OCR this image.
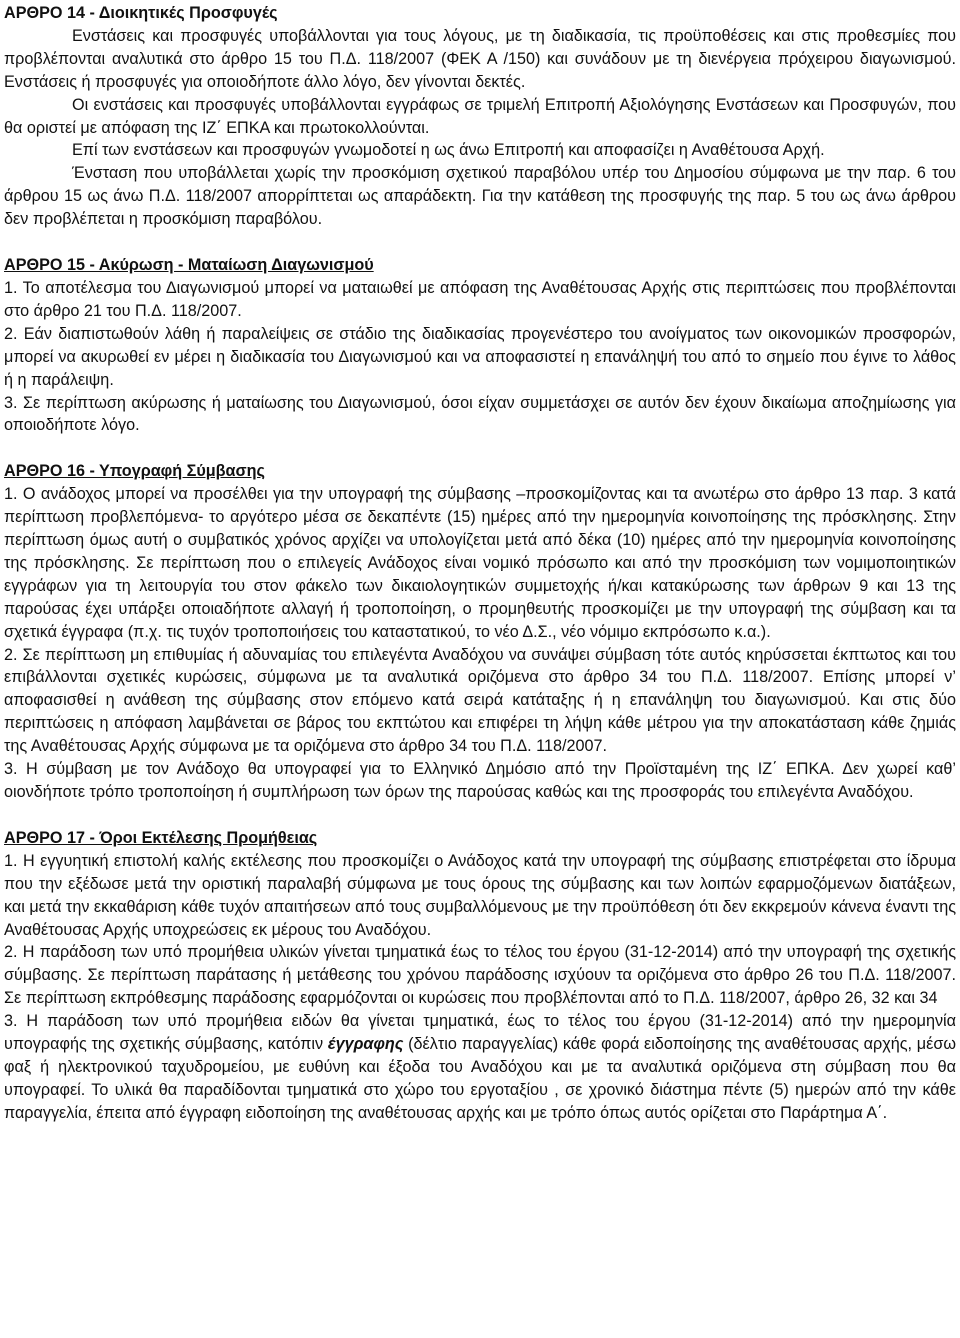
ΑΡΘΡΟ 14 - Διοικητικές Προσφυγές

Ενστάσεις και προσφυγές υποβάλλονται για τους λόγους, με τη διαδικασία, τις προϋποθέσεις και στις προθεσμίες που προβλέπονται αναλυτικά στο άρθρο 15 του Π.Δ. 118/2007 (ΦΕΚ Α /150) και συνάδουν με τη διενέργεια πρόχειρου διαγωνισμού. Ενστάσεις ή προσφυγές για οποιοδήποτε άλλο λόγο, δεν γίνονται δεκτές.

Οι ενστάσεις και προσφυγές υποβάλλονται εγγράφως σε τριμελή Επιτροπή Αξιολόγησης Ενστάσεων και Προσφυγών, που θα οριστεί με απόφαση της ΙΖ΄ ΕΠΚΑ και πρωτοκολλούνται.

Επί των ενστάσεων και προσφυγών γνωμοδοτεί η ως άνω Επιτροπή και αποφασίζει η Αναθέτουσα Αρχή.

Ένσταση που υποβάλλεται χωρίς την προσκόμιση σχετικού παραβόλου υπέρ του Δημοσίου σύμφωνα με την παρ. 6 του άρθρου 15 ως άνω Π.Δ. 118/2007 απορρίπτεται ως απαράδεκτη. Για την κατάθεση της προσφυγής της παρ. 5 του ως άνω άρθρου δεν προβλέπεται η προσκόμιση παραβόλου.

ΑΡΘΡΟ 15 - Ακύρωση - Ματαίωση Διαγωνισμού

1. Το αποτέλεσμα του Διαγωνισμού μπορεί να ματαιωθεί με απόφαση της Αναθέτουσας Αρχής στις περιπτώσεις που προβλέπονται στο άρθρο 21 του Π.Δ. 118/2007.

2. Εάν διαπιστωθούν λάθη ή παραλείψεις σε στάδιο της διαδικασίας προγενέστερο του ανοίγματος των οικονομικών προσφορών, μπορεί να ακυρωθεί εν μέρει η διαδικασία του Διαγωνισμού και να αποφασιστεί η επανάληψή του από το σημείο που έγινε το λάθος ή η παράλειψη.

3. Σε περίπτωση ακύρωσης ή ματαίωσης του Διαγωνισμού, όσοι είχαν συμμετάσχει σε αυτόν δεν έχουν δικαίωμα αποζημίωσης για οποιοδήποτε λόγο.

ΑΡΘΡΟ 16 - Υπογραφή Σύμβασης

1. Ο ανάδοχος μπορεί να προσέλθει για την υπογραφή της σύμβασης –προσκομίζοντας και τα ανωτέρω στο άρθρο 13 παρ. 3 κατά περίπτωση προβλεπόμενα- το αργότερο μέσα σε δεκαπέντε (15) ημέρες από την ημερομηνία κοινοποίησης της πρόσκλησης. Στην περίπτωση όμως αυτή ο συμβατικός χρόνος αρχίζει να υπολογίζεται μετά από δέκα (10) ημέρες από την ημερομηνία κοινοποίησης της πρόσκλησης. Σε περίπτωση που ο επιλεγείς Ανάδοχος είναι νομικό πρόσωπο και από την προσκόμιση των νομιμοποιητικών εγγράφων για τη λειτουργία του στον φάκελο των δικαιολογητικών συμμετοχής ή/και κατακύρωσης των άρθρων 9 και 13 της παρούσας έχει υπάρξει οποιαδήποτε αλλαγή ή τροποποίηση, ο προμηθευτής προσκομίζει με την υπογραφή της σύμβαση και τα σχετικά έγγραφα (π.χ. τις τυχόν τροποποιήσεις του καταστατικού, το νέο Δ.Σ., νέο νόμιμο εκπρόσωπο κ.α.).

2. Σε περίπτωση μη επιθυμίας ή αδυναμίας του επιλεγέντα Αναδόχου να συνάψει σύμβαση τότε αυτός κηρύσσεται έκπτωτος και του επιβάλλονται σχετικές κυρώσεις, σύμφωνα με τα αναλυτικά οριζόμενα στο άρθρο 34 του Π.Δ. 118/2007. Επίσης μπορεί ν’ αποφασισθεί η ανάθεση της σύμβασης στον επόμενο κατά σειρά κατάταξης ή η επανάληψη του διαγωνισμού. Και στις δύο περιπτώσεις η απόφαση λαμβάνεται σε βάρος του εκπτώτου και επιφέρει τη λήψη κάθε μέτρου για την αποκατάσταση κάθε ζημιάς της Αναθέτουσας Αρχής σύμφωνα με τα οριζόμενα στο άρθρο 34 του Π.Δ. 118/2007.

3. Η σύμβαση με τον Ανάδοχο θα υπογραφεί για το Ελληνικό Δημόσιο από την Προϊσταμένη της ΙΖ΄ ΕΠΚΑ. Δεν χωρεί καθ’ οιονδήποτε τρόπο τροποποίηση ή συμπλήρωση των όρων της παρούσας καθώς και της προσφοράς του επιλεγέντα Αναδόχου.

ΑΡΘΡΟ 17 - Όροι Εκτέλεσης Προμήθειας

1. Η εγγυητική επιστολή καλής εκτέλεσης που προσκομίζει ο Ανάδοχος κατά την υπογραφή της σύμβασης επιστρέφεται στο ίδρυμα που την εξέδωσε μετά την οριστική παραλαβή σύμφωνα με τους όρους της σύμβασης και των λοιπών εφαρμοζόμενων διατάξεων, και μετά την εκκαθάριση κάθε τυχόν απαιτήσεων από τους συμβαλλόμενους με την προϋπόθεση ότι δεν εκκρεμούν κάνενα έναντι της Αναθέτουσας Αρχής υποχρεώσεις εκ μέρους του Αναδόχου.

2. Η παράδοση των υπό προμήθεια υλικών γίνεται τμηματικά έως το τέλος του έργου (31-12-2014) από την υπογραφή της σχετικής σύμβασης. Σε περίπτωση παράτασης ή μετάθεσης του χρόνου παράδοσης ισχύουν τα οριζόμενα στο άρθρο 26 του Π.Δ. 118/2007. Σε περίπτωση εκπρόθεσμης παράδοσης εφαρμόζονται οι κυρώσεις που προβλέπονται από το Π.Δ. 118/2007, άρθρο 26, 32 και 34

3. Η παράδοση των υπό προμήθεια ειδών θα γίνεται τμηματικά, έως το τέλος του έργου (31-12-2014) από την ημερομηνία υπογραφής της σχετικής σύμβασης, κατόπιν έγγραφης (δέλτιο παραγγελίας) κάθε φορά ειδοποίησης της αναθέτουσας αρχής, μέσω φαξ ή ηλεκτρονικού ταχυδρομείου, με ευθύνη και έξοδα του Αναδόχου και με τα αναλυτικά οριζόμενα στη σύμβαση που θα υπογραφεί. Το υλικά θα παραδίδονται τμηματικά στο χώρο του εργοταξίου , σε χρονικό διάστημα πέντε (5) ημερών από την κάθε παραγγελία, έπειτα από έγγραφη ειδοποίηση της αναθέτουσας αρχής και με τρόπο όπως αυτός ορίζεται στο Παράρτημα Α΄.
